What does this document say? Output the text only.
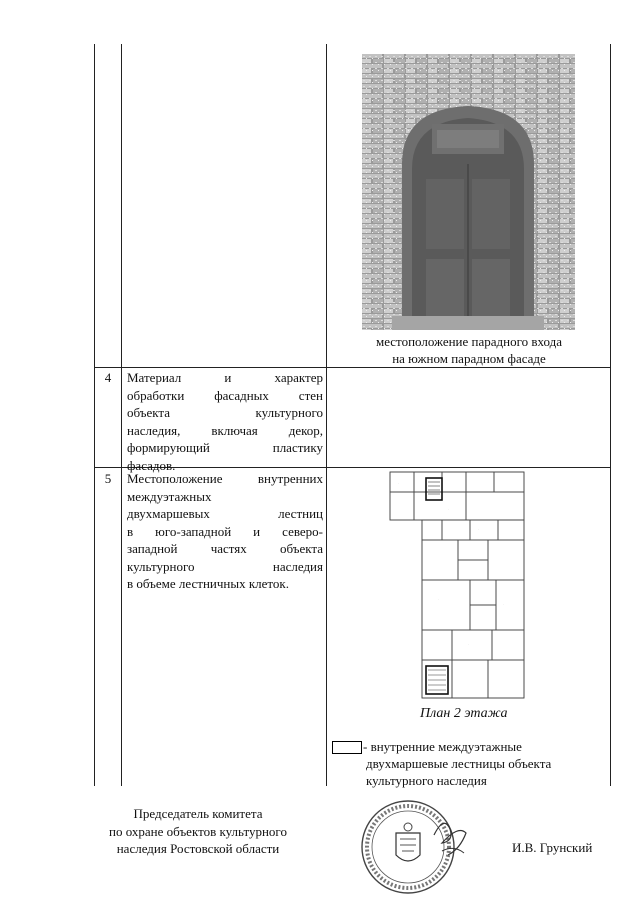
местоположение парадного входа
на южном парадном фасаде
4	Материал и характер
обработки фасадных стен
объекта культурного
наследия, включая декор,
формирующий пластику
фасадов.
5	Местоположение внутренних
междуэтажных
двухмаршевых лестниц
в юго-западной и северо-
западной частях объекта
культурного наследия
в объеме лестничных клеток.
·
·
·
·
·
·
План 2 этажа
- внутренние междуэтажные
двухмаршевые лестницы объекта
культурного наследия
Председатель комитета
по охране объектов культурного
наследия Ростовской области	И.В. Грунский
